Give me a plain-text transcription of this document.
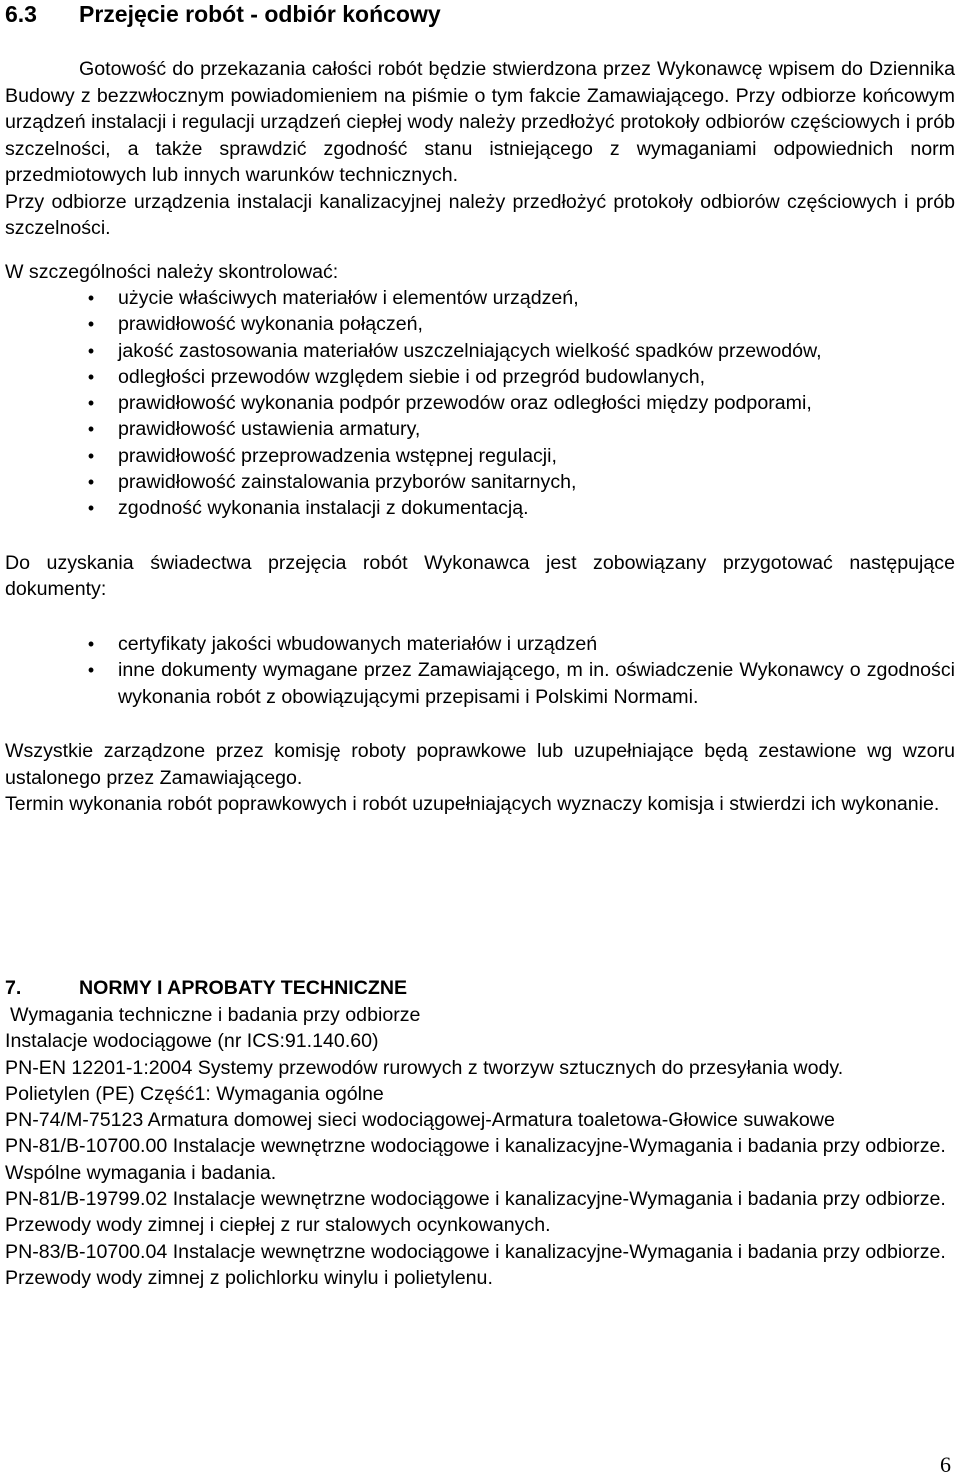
6.3 Przejęcie robót - odbiór końcowy

Gotowość do przekazania całości robót będzie stwierdzona przez Wykonawcę wpisem do Dziennika Budowy z bezzwłocznym powiadomieniem na piśmie o tym fakcie Zamawiającego. Przy odbiorze końcowym urządzeń instalacji i regulacji urządzeń ciepłej wody należy przedłożyć protokoły odbiorów częściowych i prób szczelności, a także sprawdzić zgodność stanu istniejącego z wymaganiami odpowiednich norm przedmiotowych lub innych warunków technicznych.

Przy odbiorze urządzenia instalacji kanalizacyjnej należy przedłożyć protokoły odbiorów częściowych i prób szczelności.

W szczególności należy skontrolować:

•	użycie właściwych materiałów i elementów urządzeń,
•	prawidłowość wykonania połączeń,
•	jakość zastosowania materiałów uszczelniających wielkość spadków przewodów,
•	odległości przewodów względem siebie i od przegród budowlanych,
•	prawidłowość wykonania podpór przewodów oraz odległości między podporami,
•	prawidłowość ustawienia armatury,
•	prawidłowość przeprowadzenia wstępnej regulacji,
•	prawidłowość zainstalowania przyborów sanitarnych,
•	zgodność wykonania instalacji z dokumentacją.

Do uzyskania świadectwa przejęcia robót Wykonawca jest zobowiązany przygotować następujące dokumenty:

•	certyfikaty jakości wbudowanych materiałów i urządzeń
•	inne dokumenty wymagane przez Zamawiającego, m in. oświadczenie Wykonawcy o zgodności wykonania robót z obowiązującymi przepisami i Polskimi Normami.

Wszystkie zarządzone przez komisję roboty poprawkowe lub uzupełniające będą zestawione wg wzoru ustalonego przez Zamawiającego.

Termin wykonania robót poprawkowych i robót uzupełniających wyznaczy komisja i stwierdzi ich wykonanie.

7.	NORMY I APROBATY TECHNICZNE

Wymagania techniczne i badania przy odbiorze

Instalacje wodociągowe (nr ICS:91.140.60)

PN-EN 12201-1:2004 Systemy przewodów rurowych z tworzyw sztucznych do przesyłania wody.

Polietylen (PE) Część1: Wymagania ogólne

PN-74/M-75123 Armatura domowej sieci wodociągowej-Armatura toaletowa-Głowice suwakowe

PN-81/B-10700.00 Instalacje wewnętrzne wodociągowe i kanalizacyjne-Wymagania i badania przy odbiorze. Wspólne wymagania i badania.

PN-81/B-19799.02 Instalacje wewnętrzne wodociągowe i kanalizacyjne-Wymagania i badania przy odbiorze. Przewody wody zimnej i ciepłej z rur stalowych ocynkowanych.

PN-83/B-10700.04 Instalacje wewnętrzne wodociągowe i kanalizacyjne-Wymagania i badania przy odbiorze. Przewody wody zimnej z polichlorku winylu i polietylenu.

6
